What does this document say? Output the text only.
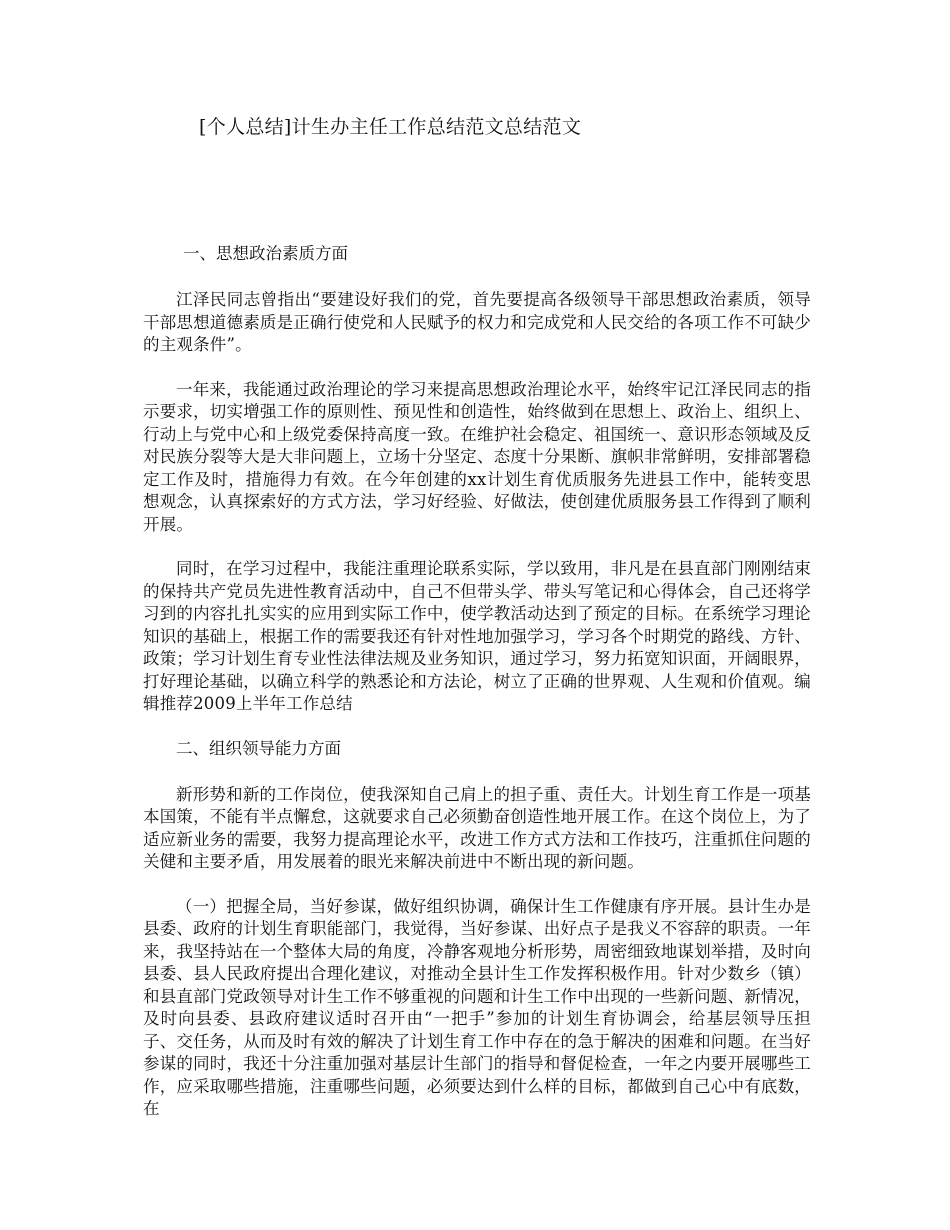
[个人总结]计生办主任工作总结范文总结范文
一、思想政治素质方面

江泽民同志曾指出“要建设好我们的党，首先要提高各级领导干部思想政治素质，领导干部思想道德素质是正确行使党和人民赋予的权力和完成党和人民交给的各项工作不可缺少的主观条件”。

一年来，我能通过政治理论的学习来提高思想政治理论水平，始终牢记江泽民同志的指示要求，切实增强工作的原则性、预见性和创造性，始终做到在思想上、政治上、组织上、行动上与党中心和上级党委保持高度一致。在维护社会稳定、祖国统一、意识形态领域及反对民族分裂等大是大非问题上，立场十分坚定、态度十分果断、旗帜非常鲜明，安排部署稳定工作及时，措施得力有效。在今年创建的xx计划生育优质服务先进县工作中，能转变思想观念，认真探索好的方式方法，学习好经验、好做法，使创建优质服务县工作得到了顺利开展。

同时，在学习过程中，我能注重理论联系实际，学以致用，非凡是在县直部门刚刚结束的保持共产党员先进性教育活动中，自己不但带头学、带头写笔记和心得体会，自己还将学习到的内容扎扎实实的应用到实际工作中，使学教活动达到了预定的目标。在系统学习理论知识的基础上，根据工作的需要我还有针对性地加强学习，学习各个时期党的路线、方针、政策；学习计划生育专业性法律法规及业务知识，通过学习，努力拓宽知识面，开阔眼界，打好理论基础，以确立科学的熟悉论和方法论，树立了正确的世界观、人生观和价值观。编辑推荐2009上半年工作总结

二、组织领导能力方面

新形势和新的工作岗位，使我深知自己肩上的担子重、责任大。计划生育工作是一项基本国策，不能有半点懈怠，这就要求自己必须勤奋创造性地开展工作。在这个岗位上，为了适应新业务的需要，我努力提高理论水平，改进工作方式方法和工作技巧，注重抓住问题的关健和主要矛盾，用发展着的眼光来解决前进中不断出现的新问题。

（一）把握全局，当好参谋，做好组织协调，确保计生工作健康有序开展。县计生办是县委、政府的计划生育职能部门，我觉得，当好参谋、出好点子是我义不容辞的职责。一年来，我坚持站在一个整体大局的角度，冷静客观地分析形势，周密细致地谋划举措，及时向县委、县人民政府提出合理化建议，对推动全县计生工作发挥积极作用。针对少数乡（镇）和县直部门党政领导对计生工作不够重视的问题和计生工作中出现的一些新问题、新情况，及时向县委、县政府建议适时召开由“一把手”参加的计划生育协调会，给基层领导压担子、交任务，从而及时有效的解决了计划生育工作中存在的急于解决的困难和问题。在当好参谋的同时，我还十分注重加强对基层计生部门的指导和督促检查，一年之内要开展哪些工作，应采取哪些措施，注重哪些问题，必须要达到什么样的目标，都做到自己心中有底数，在
